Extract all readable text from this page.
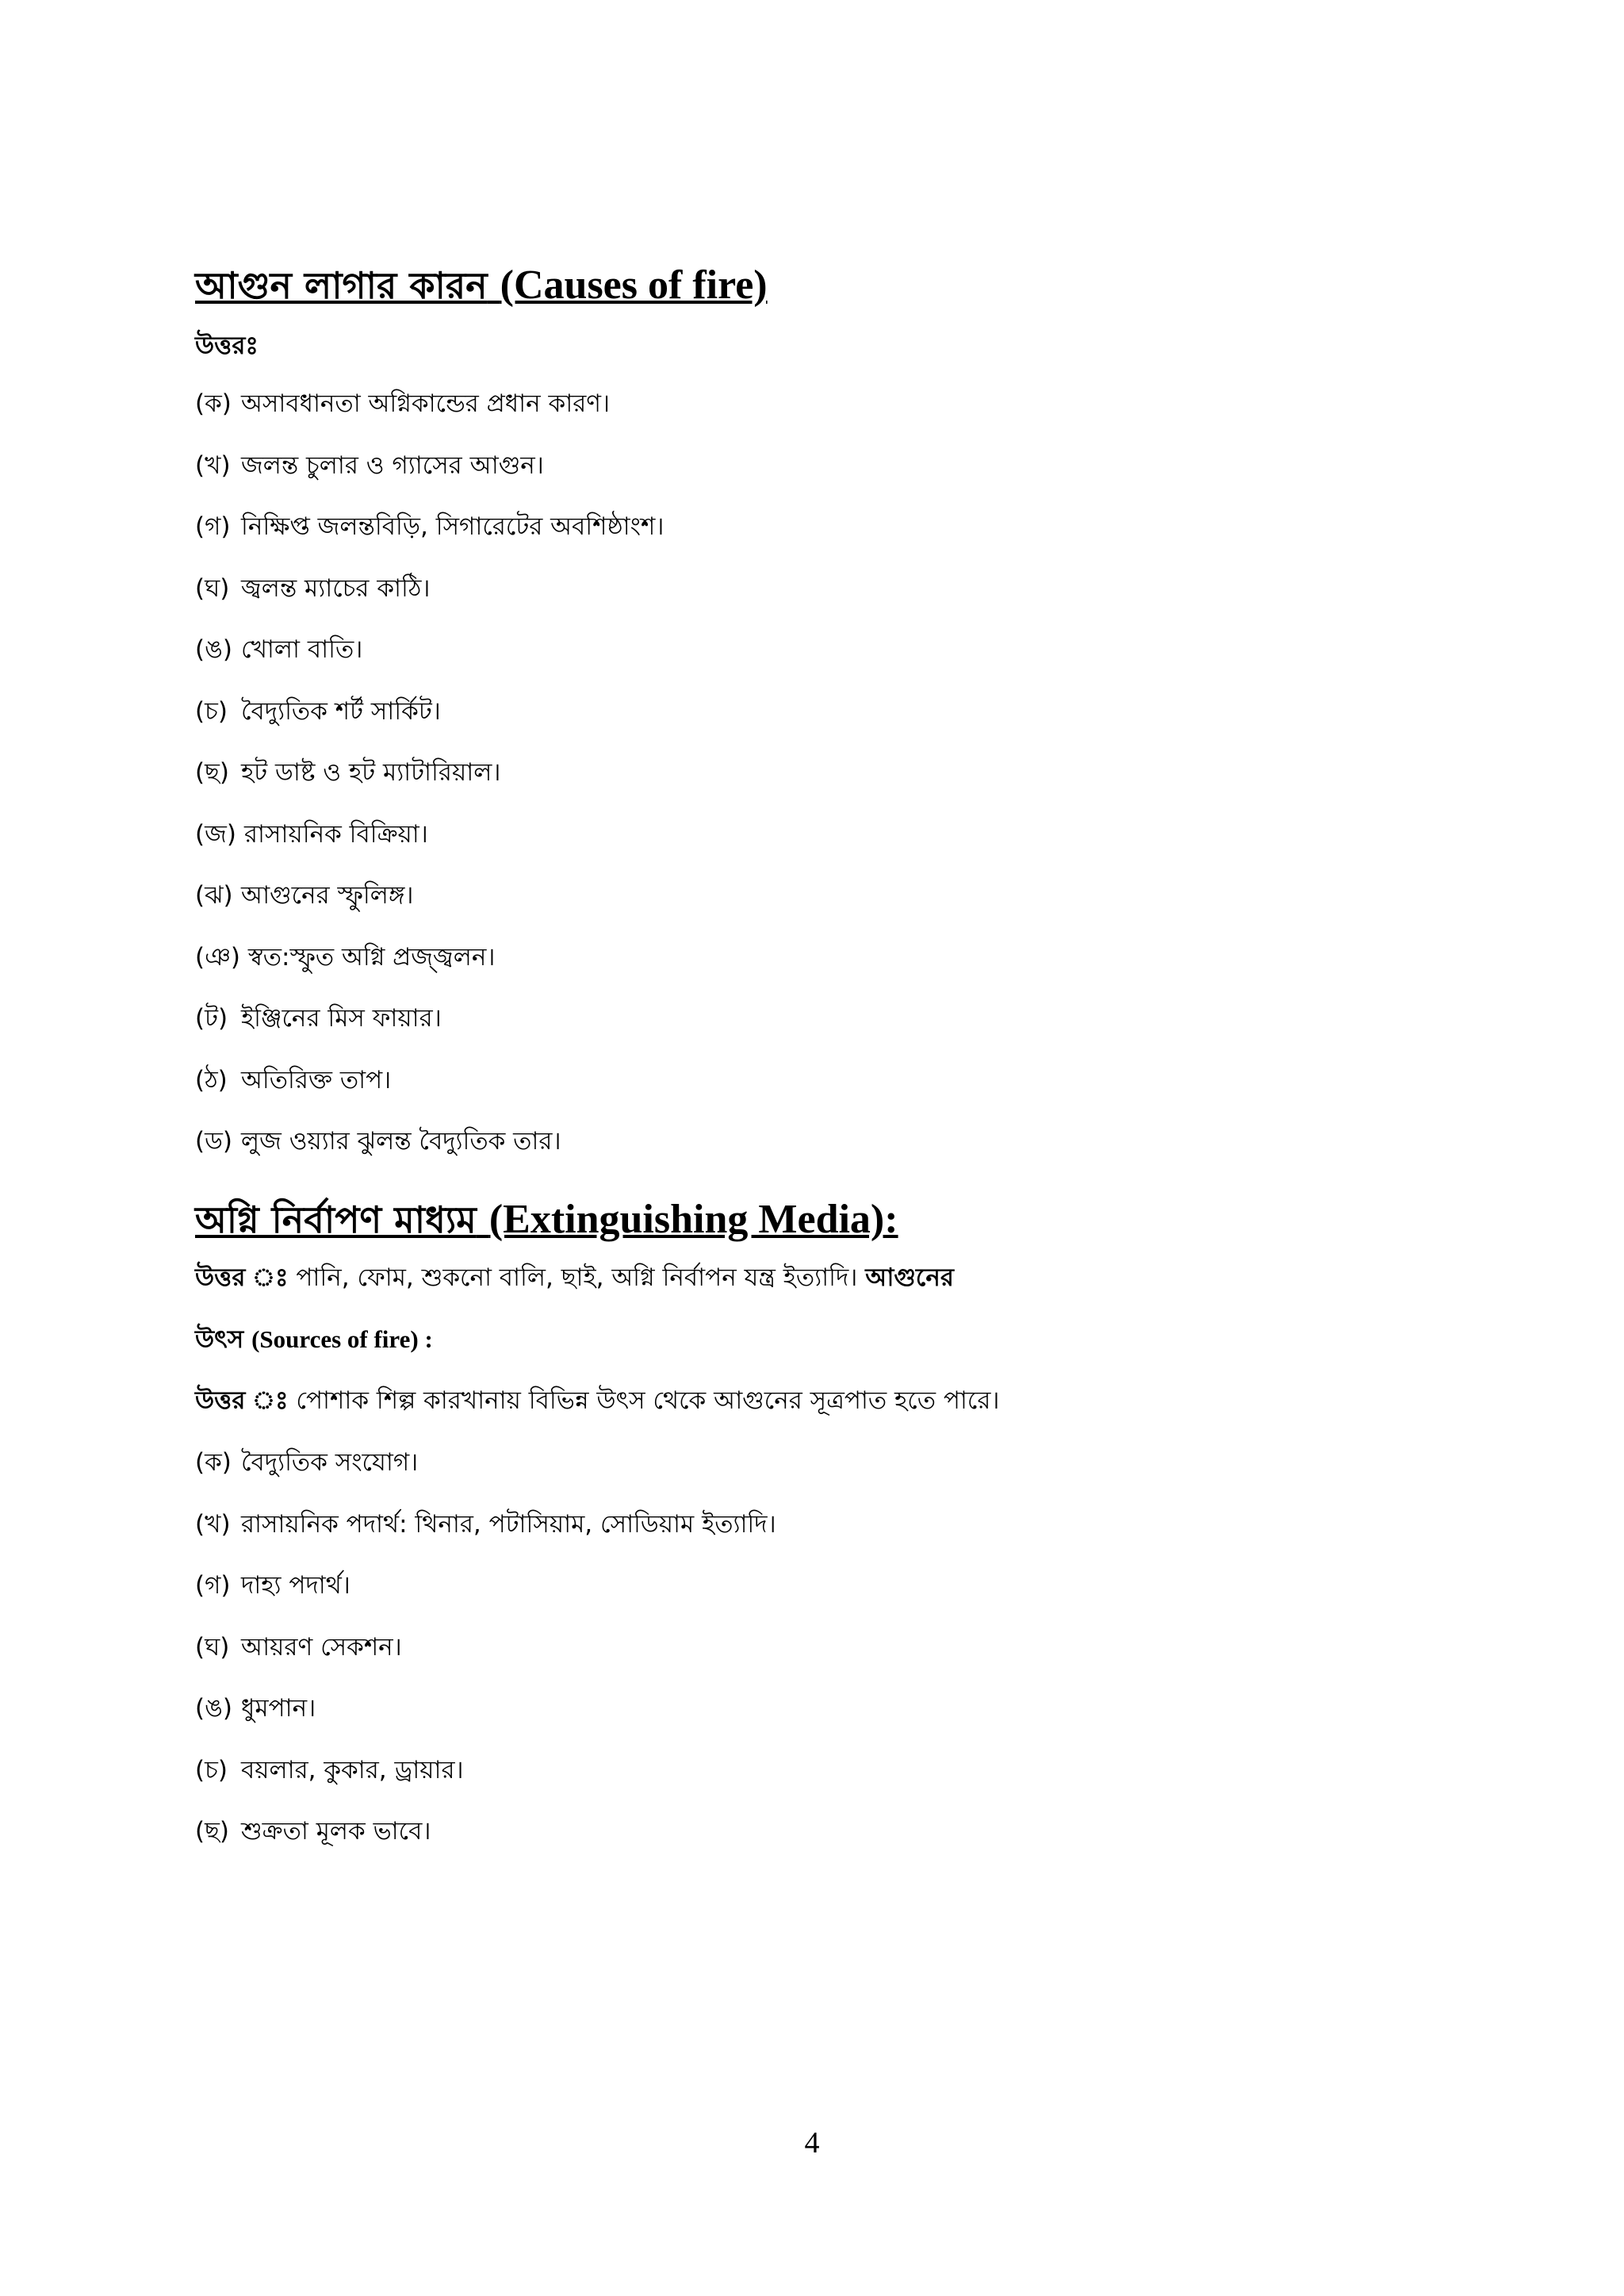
আগুন লাগার কারন (Causes of fire)
উত্তরঃ
(ক) অসাবধানতা অগ্নিকান্ডের প্রধান কারণ।
(খ) জলন্ত চুলার ও গ্যাসের আগুন।
(গ) নিক্ষিপ্ত জলন্তবিড়ি, সিগারেটের অবশিষ্ঠাংশ।
(ঘ) জ্বলন্ত ম্যাচের কাঠি।
(ঙ) খোলা বাতি।
(চ) বৈদ্যুতিক শর্ট সার্কিট।
(ছ) হট ডাষ্ট ও হট ম্যাটারিয়াল।
(জ) রাসায়নিক বিক্রিয়া।
(ঝ) আগুনের স্ফুলিঙ্গ।
(ঞ) স্বত:স্ফুত অগ্নি প্রজ্জ্বলন।
(ট) ইঞ্জিনের মিস ফায়ার।
(ঠ) অতিরিক্ত তাপ।
(ড) লুজ ওয়্যার ঝুলন্ত বৈদ্যুতিক তার।
অগ্নি নির্বাপণ মাধ্যম (Extinguishing Media):
উত্তর ঃ পানি, ফোম, শুকনো বালি, ছাই, অগ্নি নির্বাপন যন্ত্র ইত্যাদি। আগুনের
উৎস (Sources of fire) :
উত্তর ঃ পোশাক শিল্প কারখানায় বিভিন্ন উৎস থেকে আগুনের সূত্রপাত হতে পারে।
(ক) বৈদ্যুতিক সংযোগ।
(খ) রাসায়নিক পদার্থ: থিনার, পটাসিয়াম, সোডিয়াম ইত্যাদি।
(গ) দাহ্য পদার্থ।
(ঘ) আয়রণ সেকশন।
(ঙ) ধুমপান।
(চ) বয়লার, কুকার, ড্রায়ার।
(ছ) শুক্রতা মূলক ভাবে।
4
